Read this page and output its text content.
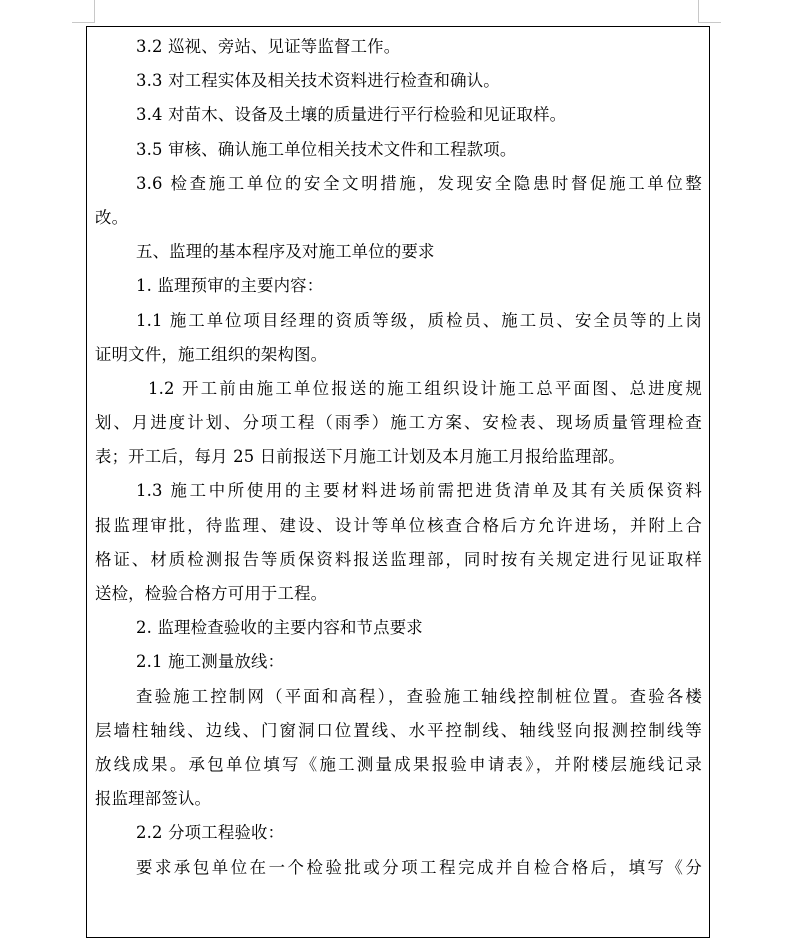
3.2 巡视、旁站、见证等监督工作。
3.3 对工程实体及相关技术资料进行检查和确认。
3.4 对苗木、设备及土壤的质量进行平行检验和见证取样。
3.5 审核、确认施工单位相关技术文件和工程款项。
3.6 检查施工单位的安全文明措施，发现安全隐患时督促施工单位整
改。
五、监理的基本程序及对施工单位的要求
1. 监理预审的主要内容：
1.1 施工单位项目经理的资质等级，质检员、施工员、安全员等的上岗
证明文件，施工组织的架构图。
1.2 开工前由施工单位报送的施工组织设计施工总平面图、总进度规
划、月进度计划、分项工程（雨季）施工方案、安检表、现场质量管理检查
表；开工后，每月 25 日前报送下月施工计划及本月施工月报给监理部。
1.3 施工中所使用的主要材料进场前需把进货清单及其有关质保资料
报监理审批，待监理、建设、设计等单位核查合格后方允许进场，并附上合
格证、材质检测报告等质保资料报送监理部，同时按有关规定进行见证取样
送检，检验合格方可用于工程。
2. 监理检查验收的主要内容和节点要求
2.1 施工测量放线：
查验施工控制网（平面和高程），查验施工轴线控制桩位置。查验各楼
层墙柱轴线、边线、门窗洞口位置线、水平控制线、轴线竖向报测控制线等
放线成果。承包单位填写《施工测量成果报验申请表》，并附楼层施线记录
报监理部签认。
2.2 分项工程验收：
要求承包单位在一个检验批或分项工程完成并自检合格后，填写《分
